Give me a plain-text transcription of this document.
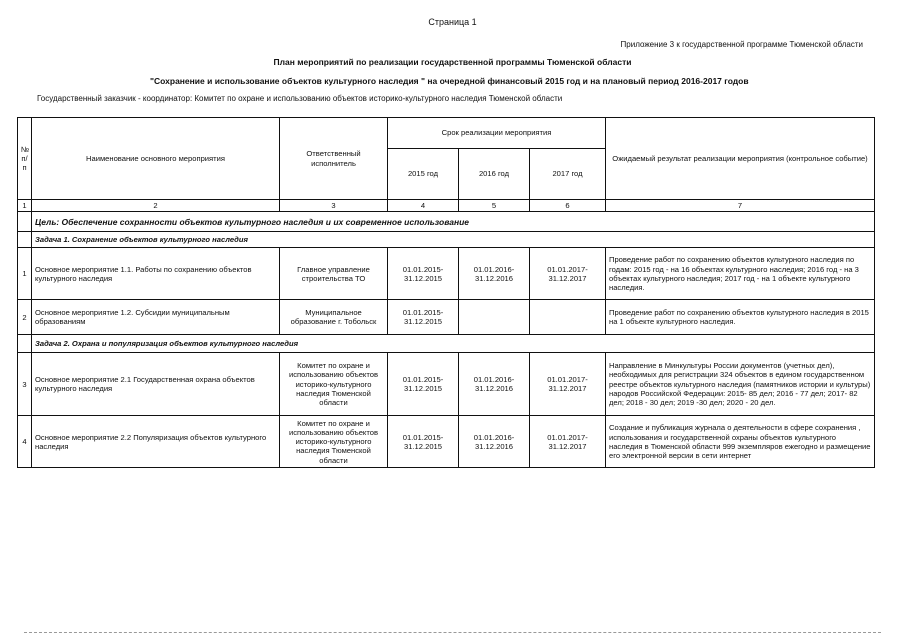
Страница 1
Приложение 3 к государственной программе Тюменской области
План мероприятий по реализации государственной программы Тюменской области
"Сохранение и использование объектов культурного наследия " на очередной финансовый 2015 год и на плановый период 2016-2017 годов
Государственный заказчик - координатор: Комитет по охране и использованию объектов историко-культурного наследия Тюменской области
№ п/п	Наименование основного мероприятия	Ответственный исполнитель	Срок реализации мероприятия			Ожидаемый результат реализации мероприятия (контрольное событие)
			2015 год	2016 год	2017 год	
1	2	3	4	5	6	7
	Цель: Обеспечение сохранности объектов культурного наследия и их современное использование					
	Задача 1. Сохранение объектов культурного наследия					
1	Основное мероприятие 1.1. Работы по сохранению объектов культурного наследия	Главное управление строительства ТО	01.01.2015-31.12.2015	01.01.2016-31.12.2016	01.01.2017-31.12.2017	Проведение работ по сохранению объектов культурного наследия по годам: 2015 год - на 16 объектах культурного наследия; 2016 год - на 3 объектах культурного наследия; 2017 год - на 1 объекте культурного наследия.
2	Основное мероприятие 1.2. Субсидии муниципальным образованиям	Муниципальное образование г. Тобольск	01.01.2015-31.12.2015			Проведение работ по сохранению объектов культурного наследия в 2015 на 1 объекте культурного наследия.
	Задача 2. Охрана и популяризация объектов культурного наследия					
3	Основное мероприятие 2.1 Государственная охрана объектов культурного наследия	Комитет по охране и использованию объектов историко-культурного наследия Тюменской области	01.01.2015-31.12.2015	01.01.2016-31.12.2016	01.01.2017-31.12.2017	Направление в Минкультуры России документов (учетных дел), необходимых для регистрации 324 объектов в едином государственном реестре объектов культурного наследия (памятников истории и культуры) народов Российской Федерации: 2015- 85 дел; 2016 - 77 дел; 2017- 82 дел; 2018 - 30 дел; 2019 -30 дел; 2020 - 20 дел.
4	Основное мероприятие 2.2 Популяризация объектов культурного наследия	Комитет по охране и использованию объектов историко-культурного наследия Тюменской области	01.01.2015-31.12.2015	01.01.2016-31.12.2016	01.01.2017-31.12.2017	Создание и публикация журнала о деятельности в сфере сохранения , использования и государственной охраны объектов культурного наследия в Тюменской области 999 экземпляров ежегодно и размещение его электронной версии в сети интернет
